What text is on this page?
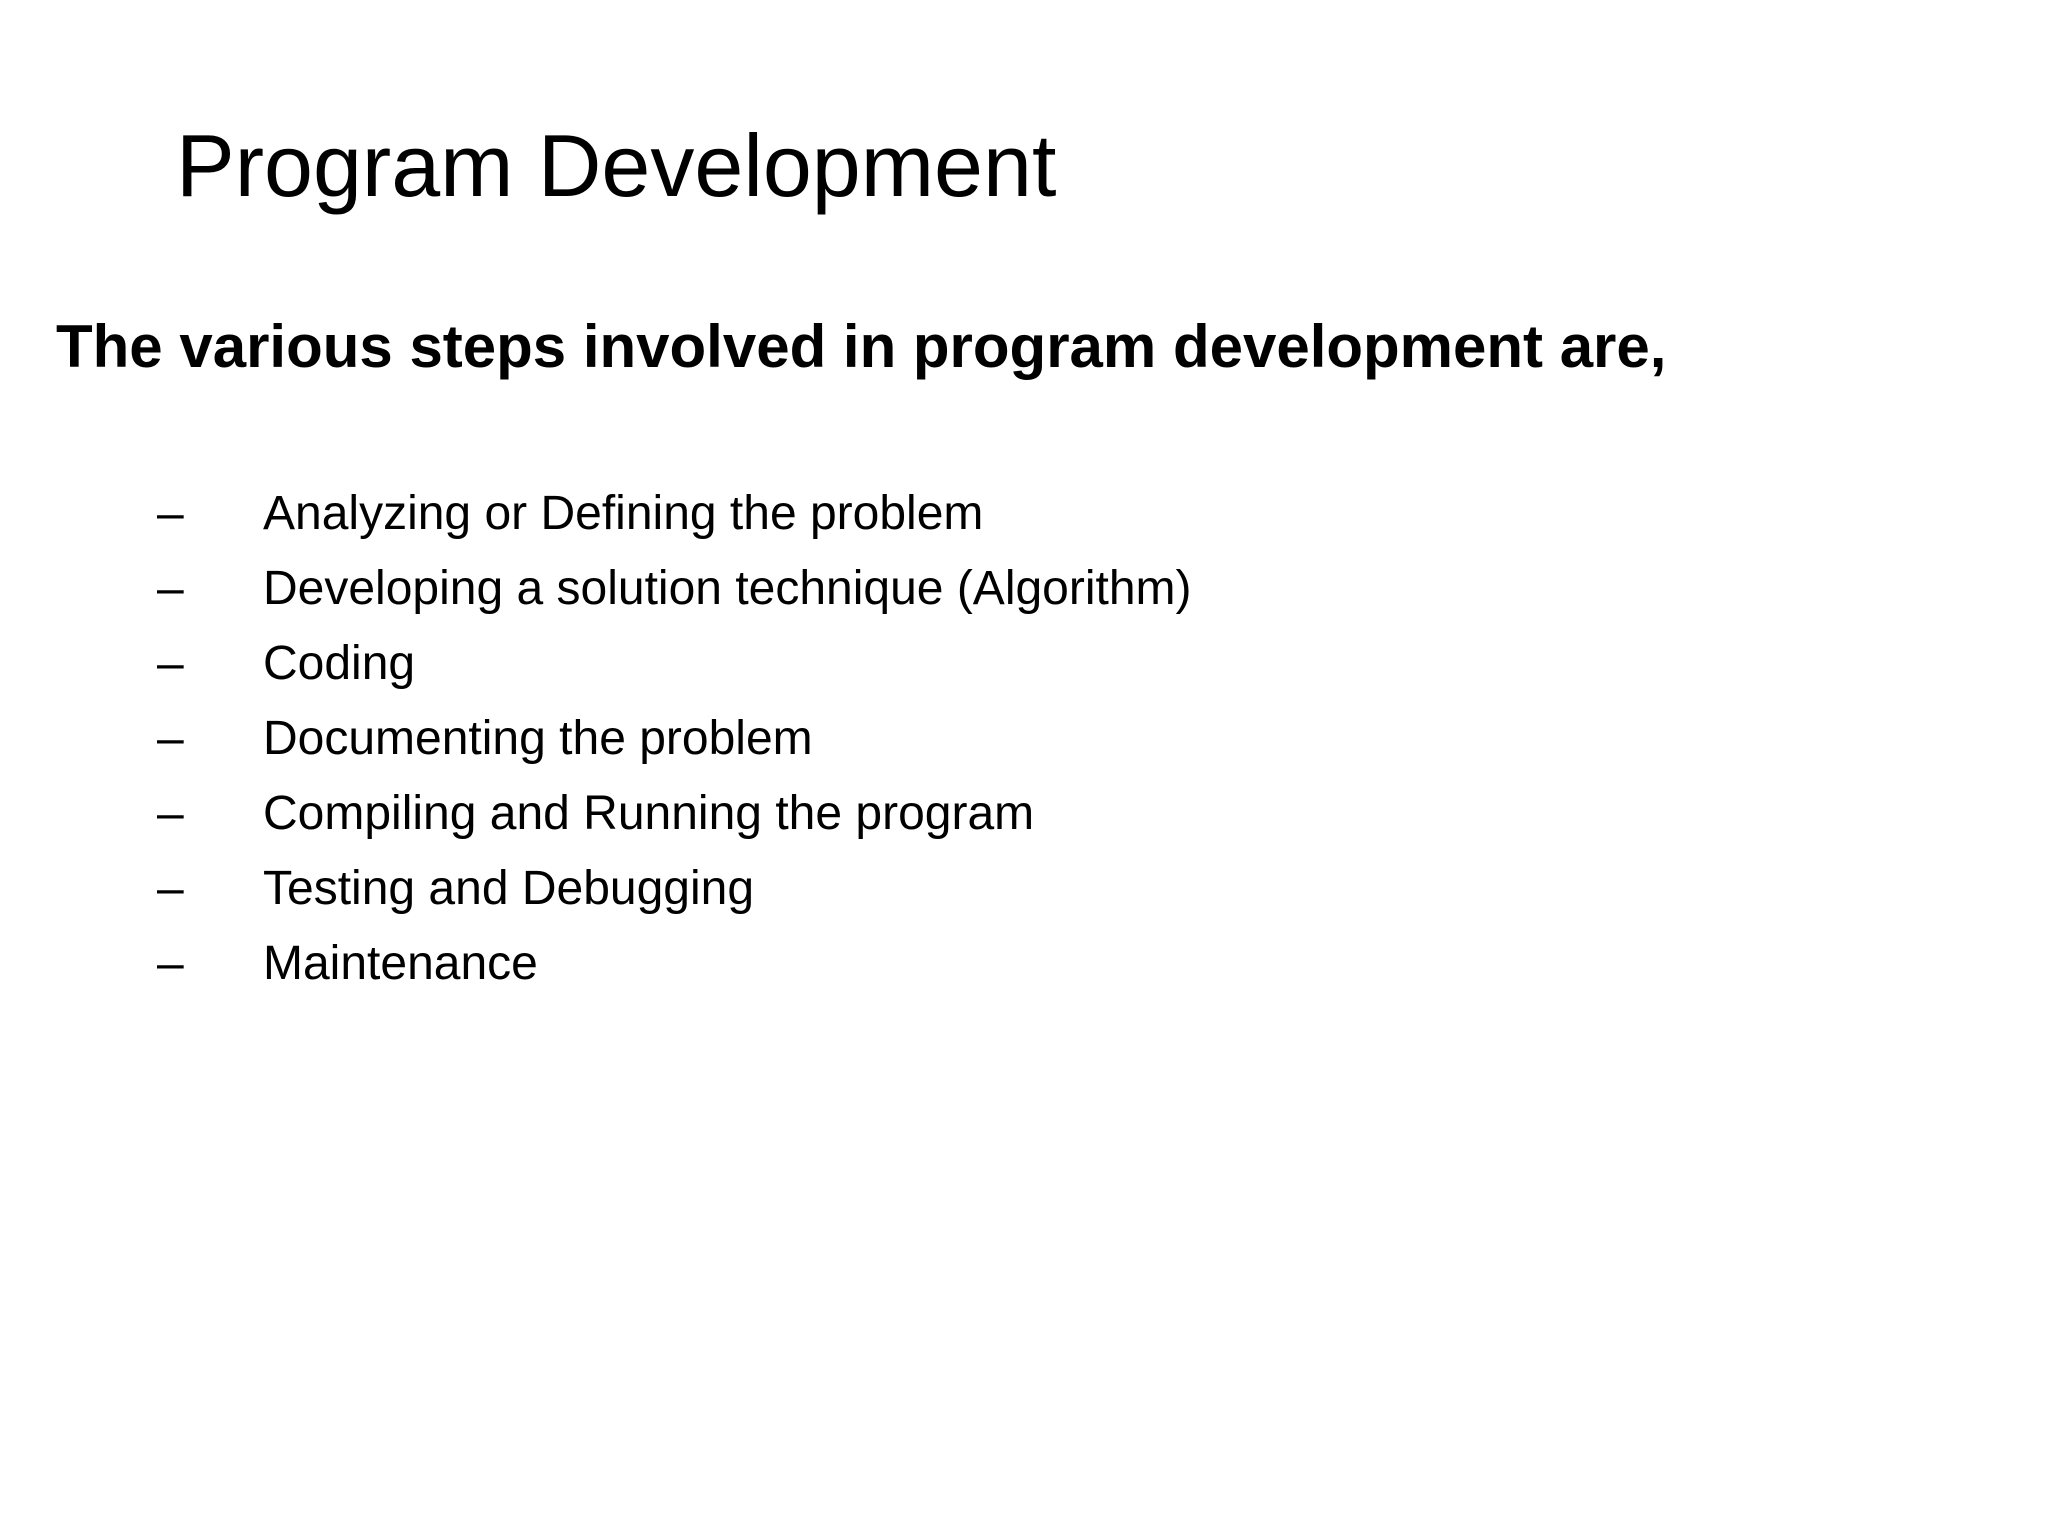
Program Development

The various steps involved in program development are,

– Analyzing or Defining the problem
– Developing a solution technique (Algorithm)
– Coding
– Documenting the problem
– Compiling and Running the program
– Testing and Debugging
– Maintenance
